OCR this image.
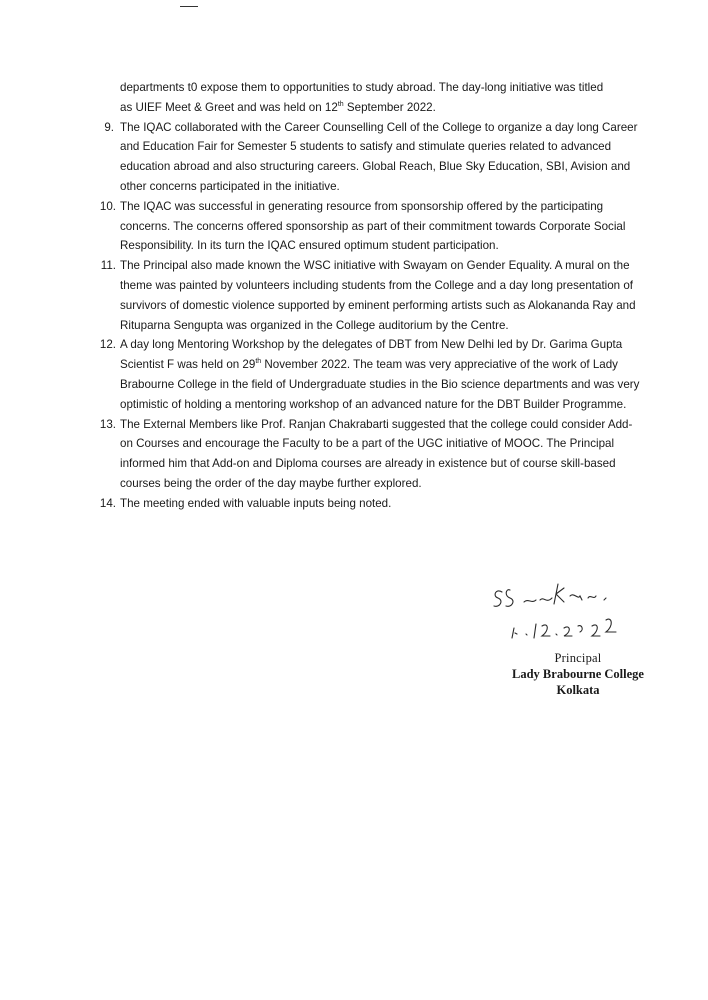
departments t0 expose them to opportunities to study abroad. The day-long initiative was titled
as UIEF Meet & Greet and was held on 12th September 2022.
9. The IQAC collaborated with the Career Counselling Cell of the College to organize a day long Career and Education Fair for Semester 5 students to satisfy and stimulate queries related to advanced education abroad and also structuring careers. Global Reach, Blue Sky Education, SBI, Avision and other concerns participated in the initiative.
10. The IQAC was successful in generating resource from sponsorship offered by the participating concerns. The concerns offered sponsorship as part of their commitment towards Corporate Social Responsibility. In its turn the IQAC ensured optimum student participation.
11. The Principal also made known the WSC initiative with Swayam on Gender Equality. A mural on the theme was painted by volunteers including students from the College and a day long presentation of survivors of domestic violence supported by eminent performing artists such as Alokananda Ray and Rituparna Sengupta was organized in the College auditorium by the Centre.
12. A day long Mentoring Workshop by the delegates of DBT from New Delhi led by Dr. Garima Gupta Scientist F was held on 29th November 2022. The team was very appreciative of the work of Lady Brabourne College in the field of Undergraduate studies in the Bio science departments and was very optimistic of holding a mentoring workshop of an advanced nature for the DBT Builder Programme.
13. The External Members like Prof. Ranjan Chakrabarti suggested that the college could consider Add- on Courses and encourage the Faculty to be a part of the UGC initiative of MOOC. The Principal informed him that Add-on and Diploma courses are already in existence but of course skill-based courses being the order of the day maybe further explored.
14. The meeting ended with valuable inputs being noted.
Principal
Lady Brabourne College
Kolkata
